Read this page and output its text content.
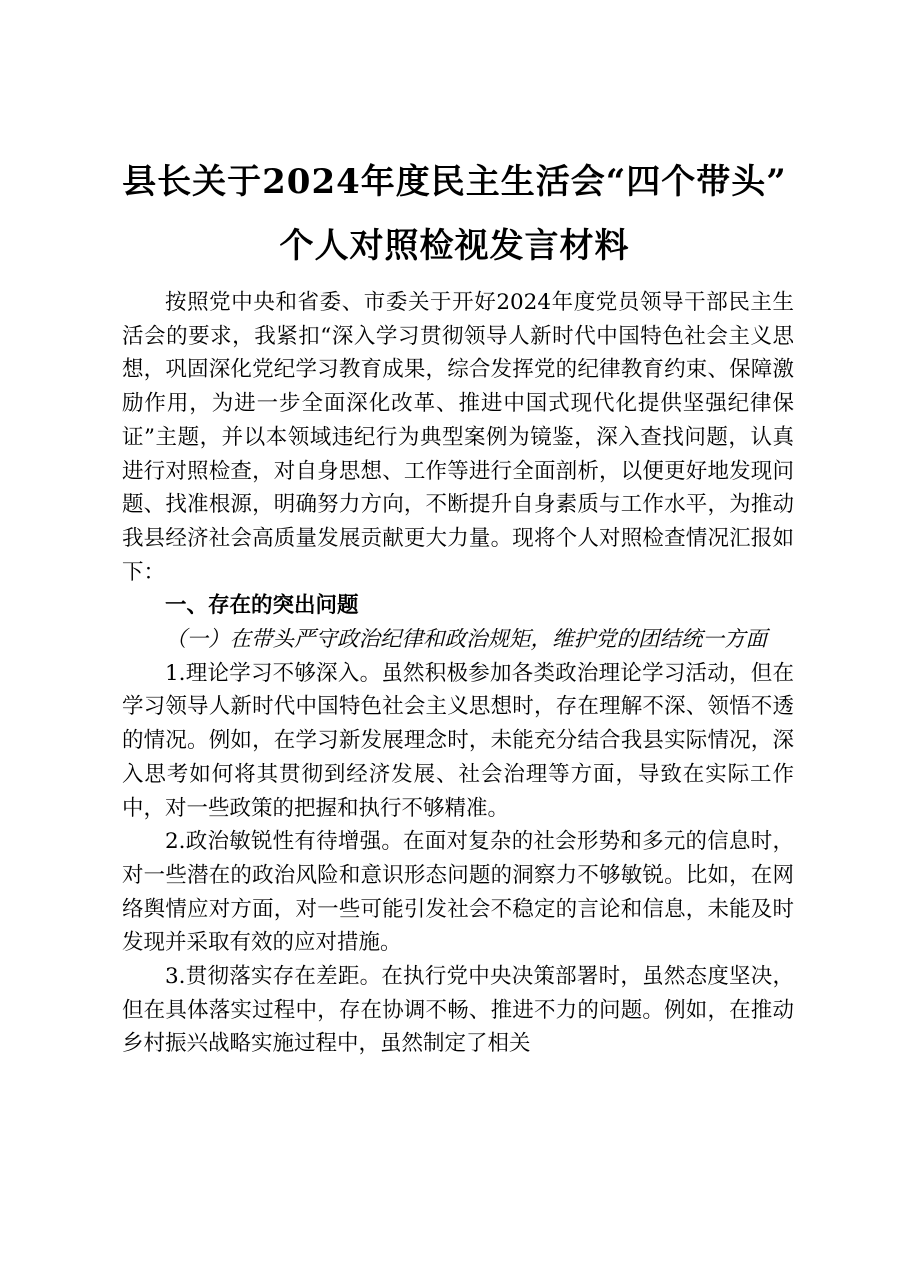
县长关于2024年度民主生活会“四个带头”
个人对照检视发言材料

按照党中央和省委、市委关于开好2024年度党员领导干部民主生活会的要求，我紧扣“深入学习贯彻领导人新时代中国特色社会主义思想，巩固深化党纪学习教育成果，综合发挥党的纪律教育约束、保障激励作用，为进一步全面深化改革、推进中国式现代化提供坚强纪律保证”主题，并以本领域违纪行为典型案例为镜鉴，深入查找问题，认真进行对照检查，对自身思想、工作等进行全面剖析，以便更好地发现问题、找准根源，明确努力方向，不断提升自身素质与工作水平，为推动我县经济社会高质量发展贡献更大力量。现将个人对照检查情况汇报如下：

一、存在的突出问题

（一）在带头严守政治纪律和政治规矩，维护党的团结统一方面

1.理论学习不够深入。虽然积极参加各类政治理论学习活动，但在学习领导人新时代中国特色社会主义思想时，存在理解不深、领悟不透的情况。例如，在学习新发展理念时，未能充分结合我县实际情况，深入思考如何将其贯彻到经济发展、社会治理等方面，导致在实际工作中，对一些政策的把握和执行不够精准。

2.政治敏锐性有待增强。在面对复杂的社会形势和多元的信息时，对一些潜在的政治风险和意识形态问题的洞察力不够敏锐。比如，在网络舆情应对方面，对一些可能引发社会不稳定的言论和信息，未能及时发现并采取有效的应对措施。

3.贯彻落实存在差距。在执行党中央决策部署时，虽然态度坚决，但在具体落实过程中，存在协调不畅、推进不力的问题。例如，在推动乡村振兴战略实施过程中，虽然制定了相关
